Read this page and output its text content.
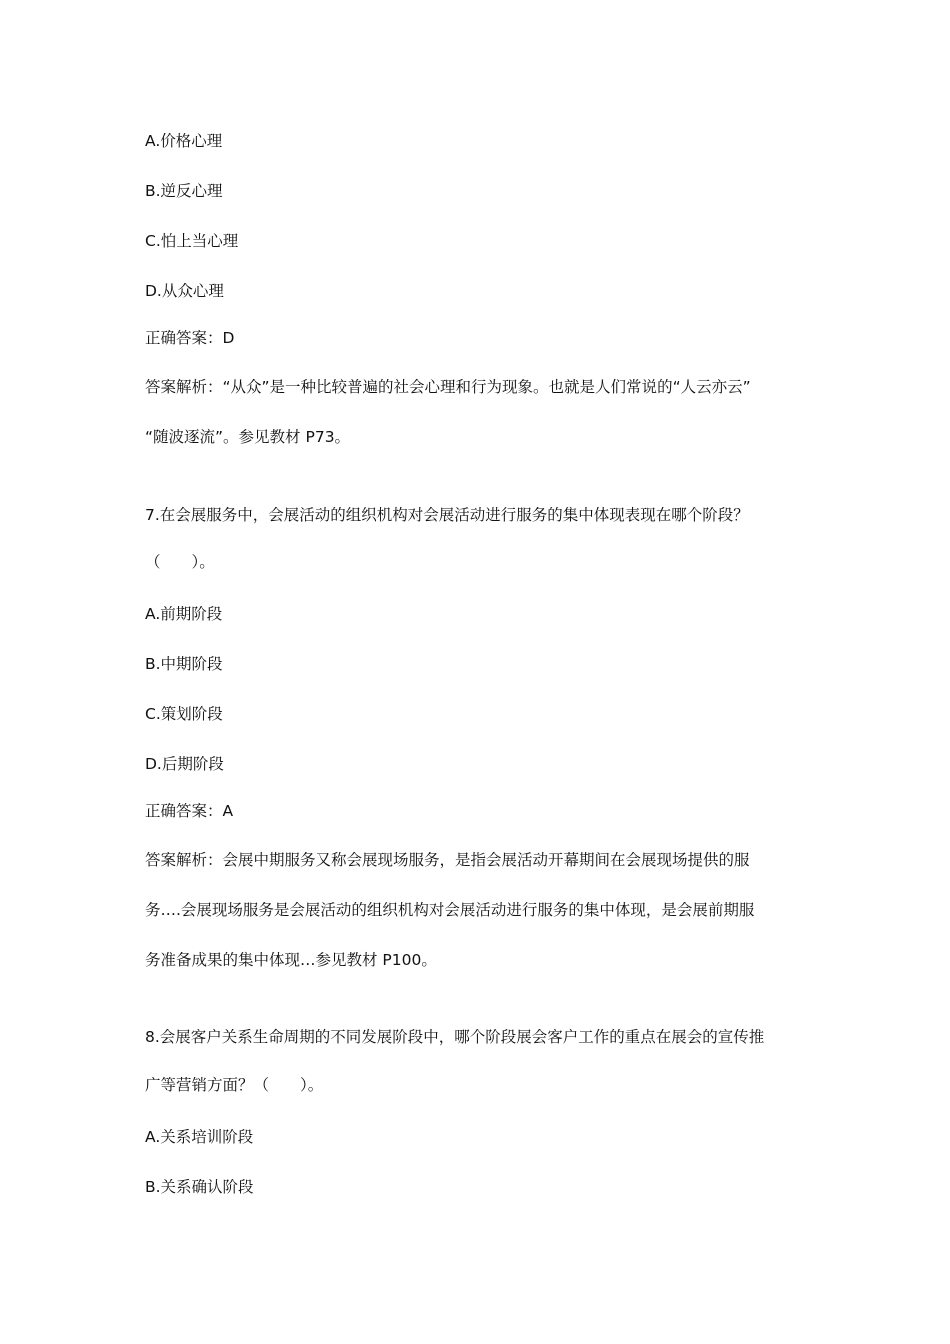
A.价格心理
B.逆反心理
C.怕上当心理
D.从众心理
正确答案：D
答案解析：“从众”是一种比较普遍的社会心理和行为现象。也就是人们常说的“人云亦云”
“随波逐流”。参见教材 P73。
7.在会展服务中，会展活动的组织机构对会展活动进行服务的集中体现表现在哪个阶段？
（　　）。
A.前期阶段
B.中期阶段
C.策划阶段
D.后期阶段
正确答案：A
答案解析：会展中期服务又称会展现场服务，是指会展活动开幕期间在会展现场提供的服
务….会展现场服务是会展活动的组织机构对会展活动进行服务的集中体现，是会展前期服
务准备成果的集中体现…参见教材 P100。
8.会展客户关系生命周期的不同发展阶段中，哪个阶段展会客户工作的重点在展会的宣传推
广等营销方面？（　　）。
A.关系培训阶段
B.关系确认阶段
